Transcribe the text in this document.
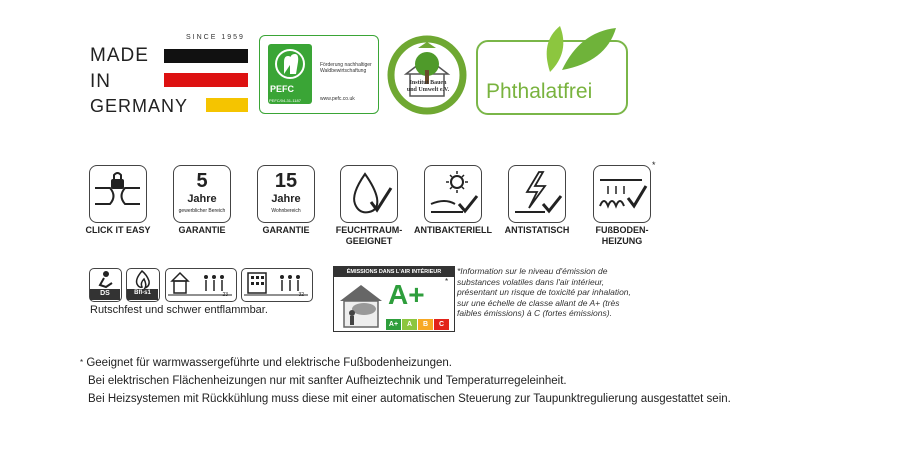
SINCE 1959
MADE
IN
GERMANY
PEFC
PEFC/04-31-1187
Förderung nachhaltiger Waldbewirtschaftung
www.pefc.co.uk
Institut Bauen
und Umwelt e.V. Phthalatfrei
CLICK IT EASY
5
Jahre
gewerblicher Bereich
GARANTIE
15
Jahre
Wohnbereich
GARANTIE	FEUCHTRAUM-
GEEIGNET
ANTIBAKTERIELL	ANTISTATISCH
*
FUßBODEN-
HEIZUNG
DS	Bfl-s1	23	32
Rutschfest und schwer entflammbar.
ÉMISSIONS DANS L'AIR INTÉRIEUR
A+	*
A+	A	B	C
*Information sur le niveau d'émission de substances volatiles dans l'air intérieur, présentant un risque de toxicité par inhalation, sur une échelle de classe allant de A+ (très faibles émissions) à C (fortes émissions).
* Geeignet für warmwassergeführte und elektrische Fußbodenheizungen.
Bei elektrischen Flächenheizungen nur mit sanfter Aufheiztechnik und Temperaturregeleinheit.
Bei Heizsystemen mit Rückkühlung muss diese mit einer automatischen Steuerung zur Taupunktregulierung ausgestattet sein.
